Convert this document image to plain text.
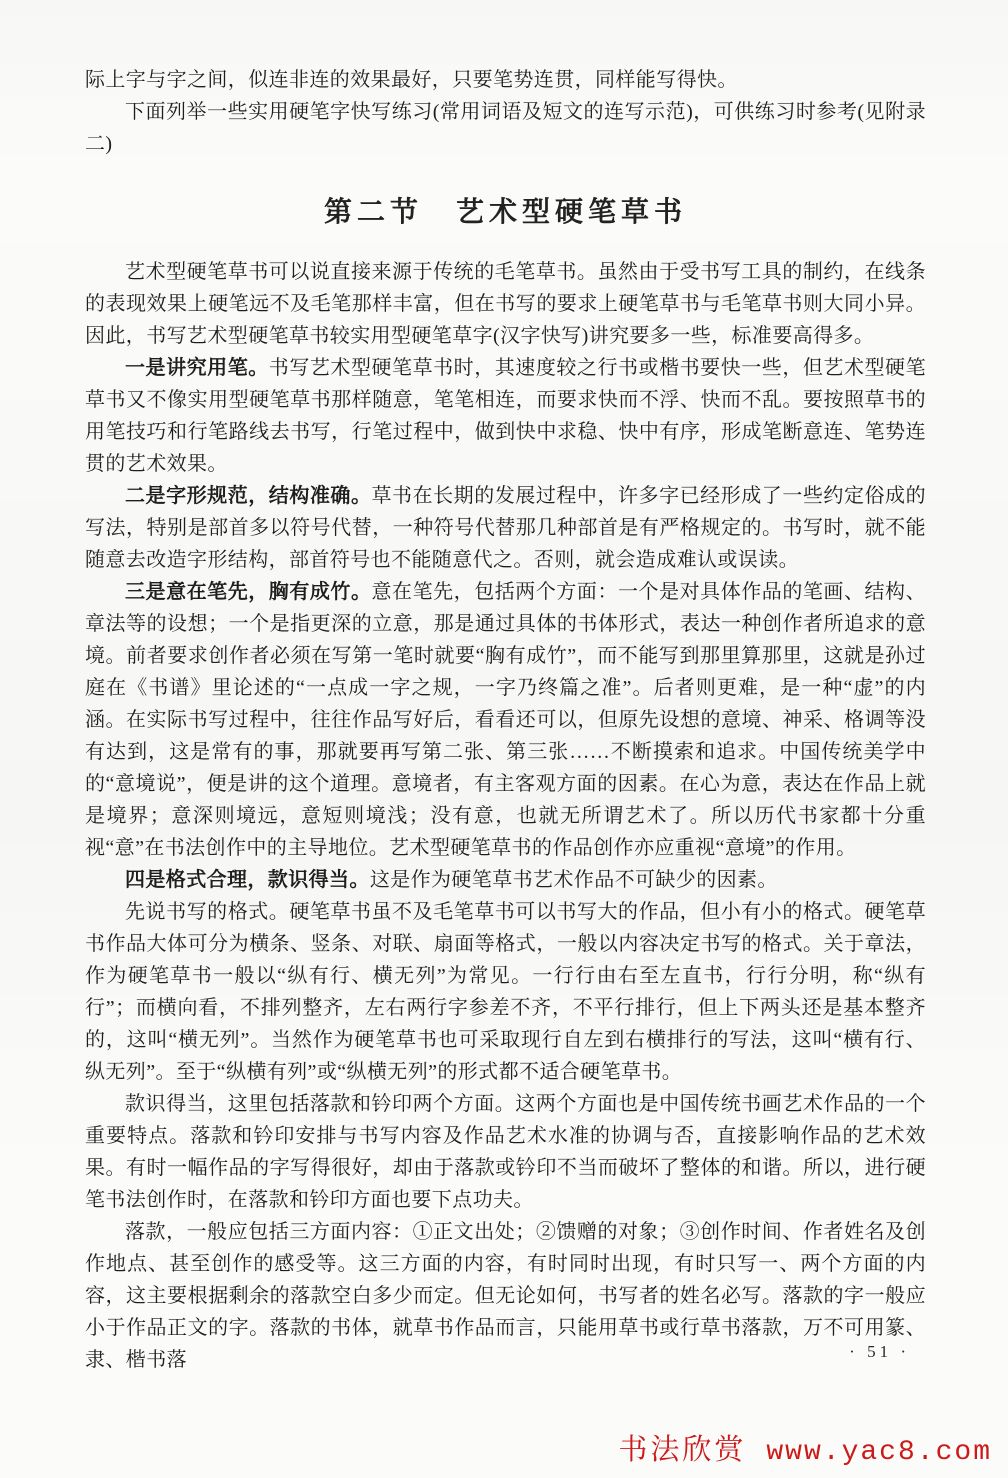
际上字与字之间，似连非连的效果最好，只要笔势连贯，同样能写得快。

下面列举一些实用硬笔字快写练习(常用词语及短文的连写示范)，可供练习时参考(见附录二)

第二节　艺术型硬笔草书

艺术型硬笔草书可以说直接来源于传统的毛笔草书。虽然由于受书写工具的制约，在线条的表现效果上硬笔远不及毛笔那样丰富，但在书写的要求上硬笔草书与毛笔草书则大同小异。因此，书写艺术型硬笔草书较实用型硬笔草字(汉字快写)讲究要多一些，标准要高得多。

一是讲究用笔。书写艺术型硬笔草书时，其速度较之行书或楷书要快一些，但艺术型硬笔草书又不像实用型硬笔草书那样随意，笔笔相连，而要求快而不浮、快而不乱。要按照草书的用笔技巧和行笔路线去书写，行笔过程中，做到快中求稳、快中有序，形成笔断意连、笔势连贯的艺术效果。

二是字形规范，结构准确。草书在长期的发展过程中，许多字已经形成了一些约定俗成的写法，特别是部首多以符号代替，一种符号代替那几种部首是有严格规定的。书写时，就不能随意去改造字形结构，部首符号也不能随意代之。否则，就会造成难认或误读。

三是意在笔先，胸有成竹。意在笔先，包括两个方面：一个是对具体作品的笔画、结构、章法等的设想；一个是指更深的立意，那是通过具体的书体形式，表达一种创作者所追求的意境。前者要求创作者必须在写第一笔时就要“胸有成竹”，而不能写到那里算那里，这就是孙过庭在《书谱》里论述的“一点成一字之规，一字乃终篇之准”。后者则更难，是一种“虚”的内涵。在实际书写过程中，往往作品写好后，看看还可以，但原先设想的意境、神采、格调等没有达到，这是常有的事，那就要再写第二张、第三张……不断摸索和追求。中国传统美学中的“意境说”，便是讲的这个道理。意境者，有主客观方面的因素。在心为意，表达在作品上就是境界；意深则境远，意短则境浅；没有意，也就无所谓艺术了。所以历代书家都十分重视“意”在书法创作中的主导地位。艺术型硬笔草书的作品创作亦应重视“意境”的作用。

四是格式合理，款识得当。这是作为硬笔草书艺术作品不可缺少的因素。

先说书写的格式。硬笔草书虽不及毛笔草书可以书写大的作品，但小有小的格式。硬笔草书作品大体可分为横条、竖条、对联、扇面等格式，一般以内容决定书写的格式。关于章法，作为硬笔草书一般以“纵有行、横无列”为常见。一行行由右至左直书，行行分明，称“纵有行”；而横向看，不排列整齐，左右两行字参差不齐，不平行排行，但上下两头还是基本整齐的，这叫“横无列”。当然作为硬笔草书也可采取现行自左到右横排行的写法，这叫“横有行、纵无列”。至于“纵横有列”或“纵横无列”的形式都不适合硬笔草书。

款识得当，这里包括落款和钤印两个方面。这两个方面也是中国传统书画艺术作品的一个重要特点。落款和钤印安排与书写内容及作品艺术水准的协调与否，直接影响作品的艺术效果。有时一幅作品的字写得很好，却由于落款或钤印不当而破坏了整体的和谐。所以，进行硬笔书法创作时，在落款和钤印方面也要下点功夫。

落款，一般应包括三方面内容：①正文出处；②馈赠的对象；③创作时间、作者姓名及创作地点、甚至创作的感受等。这三方面的内容，有时同时出现，有时只写一、两个方面的内容，这主要根据剩余的落款空白多少而定。但无论如何，书写者的姓名必写。落款的字一般应小于作品正文的字。落款的书体，就草书作品而言，只能用草书或行草书落款，万不可用篆、隶、楷书落	· 51 ·
书法欣赏 www.yac8.com
